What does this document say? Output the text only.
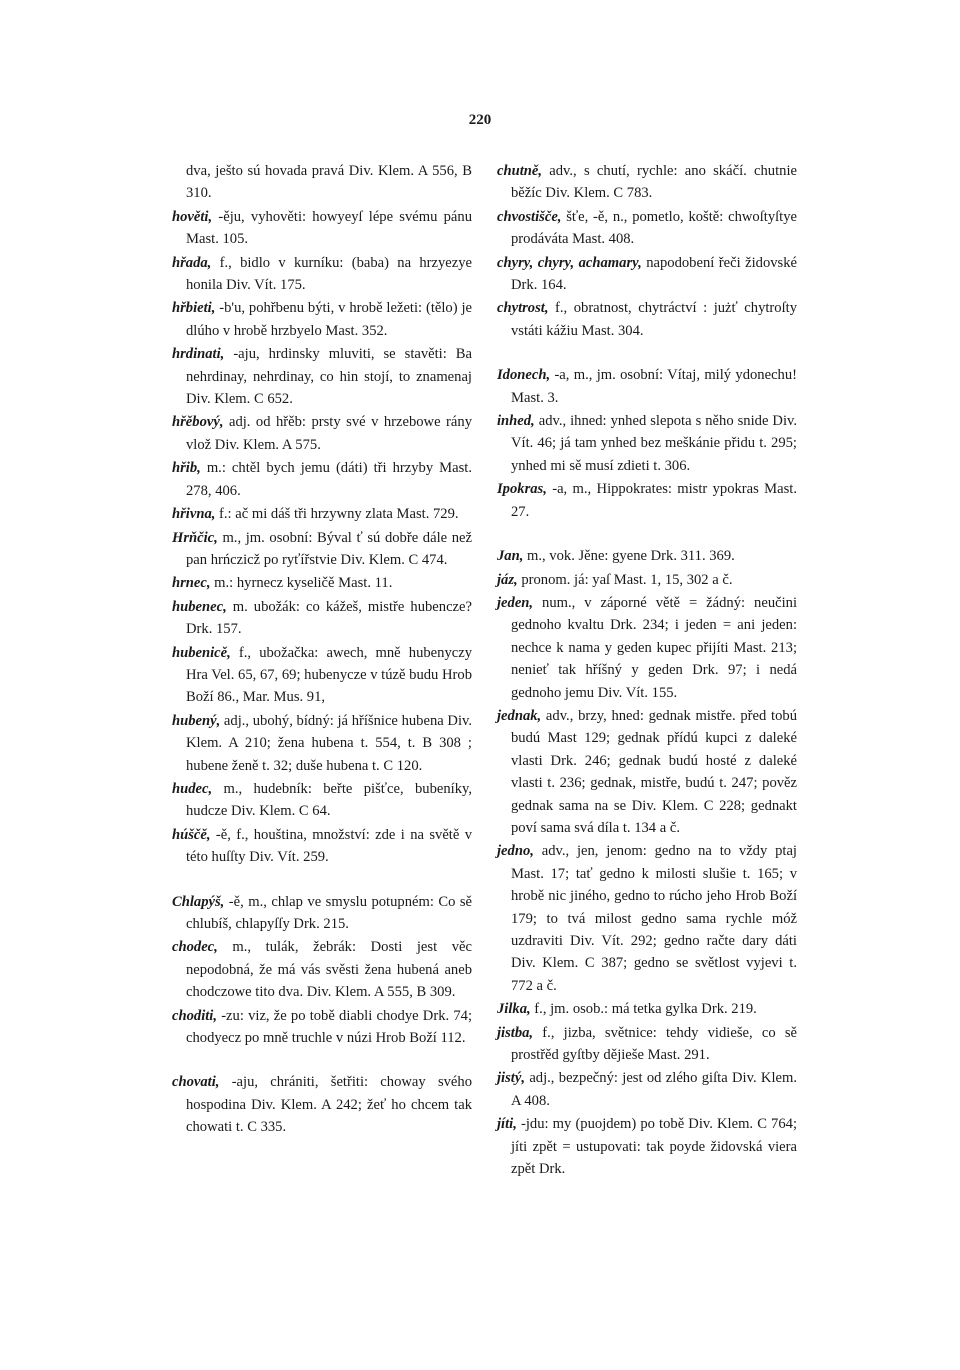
220

dva, ještо sú hovada pravá Div. Klem. A 556, B 310.

hověti, -ěju, vyhověti: howyeyſ lépe svému pánu Mast. 105.

hřada, f., bidlo v kurníku: (baba) na hrzyezye honila Div. Vít. 175.

hřbieti, -b'u, pohřbenu býti, v hrobě ležeti: (tělo) je dlúho v hrobě hrzbyelo Mast. 352.

hrdinati, -aju, hrdinsky mluviti, se stavěti: Ba nehrdinay, nehrdinay, co hin stojí, to znamenaj Div. Klem. C 652.

hřěbový, adj. od hřěb: prsty své v hrzebowe rány vlož Div. Klem. A 575.

hřib, m.: chtěl bych jemu (dáti) tři hrzyby Mast. 278, 406.

hřivna, f.: ač mi dáš tři hrzywny zlata Mast. 729.

Hrňčic, m., jm. osobní: Býval ť sú dobře dále než pan hrńczicž po ryťířstvie Div. Klem. C 474.

hrnec, m.: hyrnecz kyseličě Mast. 11.

hubenec, m. ubožák: co kážeš, mistře hubencze? Drk. 157.

hubenicě, f., ubožačka: awech, mně hubenyczy Hra Vel. 65, 67, 69; hubenycze v túzě budu Hrob Boží 86., Mar. Mus. 91,

hubený, adj., ubohý, bídný: já hříšnice hubena Div. Klem. A 210; žena hubena t. 554, t. B 308 ; hubene ženě t. 32; duše hubena t. C 120.

hudec, m., hudebník: beřte pišťce, bubeníky, hudcze Div. Klem. C 64.

húščě, -ě, f., houština, množství: zde i na světě v této huſſty Div. Vít. 259.

Chlapýš, -ě, m., chlap ve smyslu potupném: Co sě chlubíš, chlapyſſy Drk. 215.

chodec, m., tulák, žebrák: Dosti jest věc nepodobná, že má vás svěsti žena hubená aneb chodczowe tito dva. Div. Klem. A 555, B 309.

choditi, -zu: viz, že po tobě diabli chodye Drk. 74; chodyecz po mně truchle v núzi Hrob Boží 112.

chovati, -aju, chrániti, šetřiti: choway svého hospodina Div. Klem. A 242; žeť ho chcem tak chowati t. C 335.

chutně, adv., s chutí, rychle: ano skáčí. chutnie běžíc Div. Klem. C 783.

chvostišče, šťe, -ě, n., pometlo, koště: chwoſtyſtye prodáváta Mast. 408.

chyry, chyry, achamary, napodobení řeči židovské Drk. 164.

chytrost, f., obratnost, chytráctví : jużť chytroſty vstáti kážiu Mast. 304.

Idonech, -a, m., jm. osobní: Vítaj, milý ydonechu! Mast. 3.

inhed, adv., ihned: ynhed slepota s něho snide Div. Vít. 46; já tam ynhed bez meškánie přidu t. 295; ynhed mi sě musí zdieti t. 306.

Ipokras, -a, m., Hippokrates: mistr ypokras Mast. 27.

Jan, m., vok. Jěne: gyene Drk. 311. 369.

jáz, pronom. já: yaſ Mast. 1, 15, 302 a č.

jeden, num., v záporné větě = žádný: neučini gednoho kvaltu Drk. 234; i jeden = ani jeden: nechce k nama y geden kupec přijíti Mast. 213; nenieť tak hříšný y geden Drk. 97; i nedá gednoho jemu Div. Vít. 155.

jednak, adv., brzy, hned: gednak mistře. před tobú budú Mast 129; gednak přídú kupci z daleké vlasti Drk. 246; gednak budú hosté z daleké vlasti t. 236; gednak, mistře, budú t. 247; pověz gednak sama na se Div. Klem. C 228; gednakt poví sama svá díla t. 134 a č.

jedno, adv., jen, jenom: gedno na to vždy ptaj Mast. 17; tať gedno k milosti slušie t. 165; v hrobě nic jiného, gedno to rúcho jeho Hrob Boží 179; to tvá milost gedno sama rychle móž uzdraviti Div. Vít. 292; gedno račte dary dáti Div. Klem. C 387; gedno se světlost vyjevi t. 772 a č.

Jilka, f., jm. osob.: má tetka gylka Drk. 219.

jistba, f., jizba, světnice: tehdy vidieše, co sě prostřěd gyſtby dějieše Mast. 291.

jistý, adj., bezpečný: jest od zlého giſta Div. Klem. A 408.

jíti, -jdu: my (puojdem) po tobě Div. Klem. C 764; jíti zpět = ustupovati: tak poyde židovská viera zpět Drk.
